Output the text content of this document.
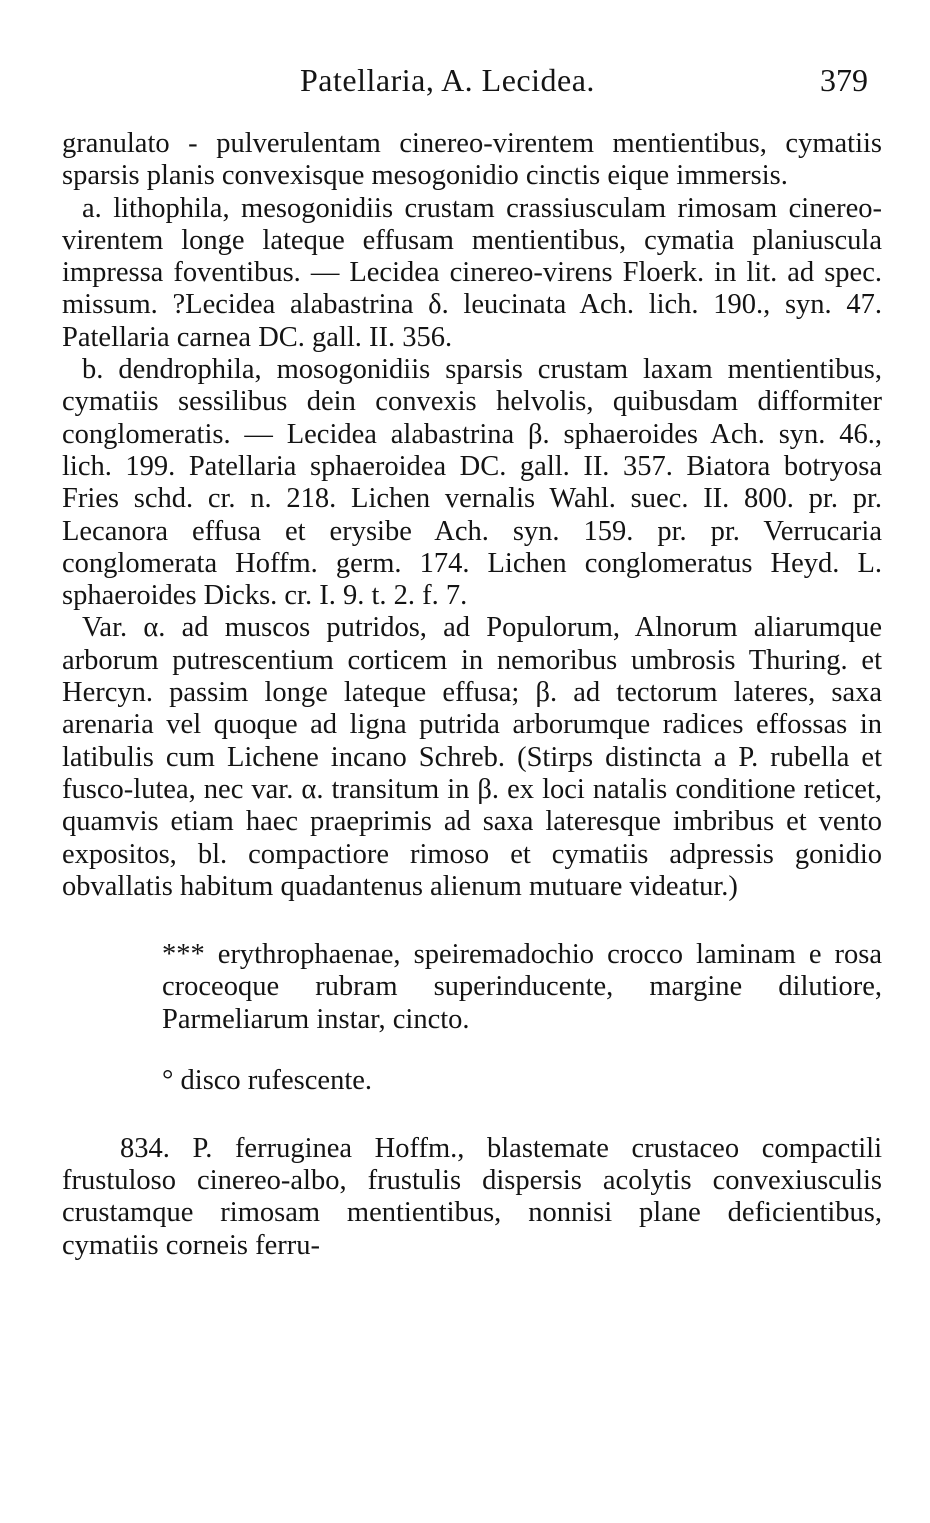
Patellaria, A. Lecidea.	379

granulato - pulverulentam cinereo-virentem mentientibus, cymatiis sparsis planis convexisque mesogonidio cinctis eique immersis.

a. lithophila, mesogonidiis crustam crassiusculam rimosam cinereo-virentem longe lateque effusam mentientibus, cymatia planiuscula impressa foventibus. — Lecidea cinereo-virens Floerk. in lit. ad spec. missum. ?Lecidea alabastrina δ. leucinata Ach. lich. 190., syn. 47. Patellaria carnea DC. gall. II. 356.

b. dendrophila, mosogonidiis sparsis crustam laxam mentientibus, cymatiis sessilibus dein convexis helvolis, quibusdam difformiter conglomeratis. — Lecidea alabastrina β. sphaeroides Ach. syn. 46., lich. 199. Patellaria sphaeroidea DC. gall. II. 357. Biatora botryosa Fries schd. cr. n. 218. Lichen vernalis Wahl. suec. II. 800. pr. pr. Lecanora effusa et erysibe Ach. syn. 159. pr. pr. Verrucaria conglomerata Hoffm. germ. 174. Lichen conglomeratus Heyd. L. sphaeroides Dicks. cr. I. 9. t. 2. f. 7.

Var. α. ad muscos putridos, ad Populorum, Alnorum aliarumque arborum putrescentium corticem in nemoribus umbrosis Thuring. et Hercyn. passim longe lateque effusa; β. ad tectorum lateres, saxa arenaria vel quoque ad ligna putrida arborumque radices effossas in latibulis cum Lichene incano Schreb. (Stirps distincta a P. rubella et fusco-lutea, nec var. α. transitum in β. ex loci natalis conditione reticet, quamvis etiam haec praeprimis ad saxa lateresque imbribus et vento expositos, bl. compactiore rimoso et cymatiis adpressis gonidio obvallatis habitum quadantenus alienum mutuare videatur.)

*** erythrophaenae, speiremadochio crocco laminam e rosa croceoque rubram superinducente, margine dilutiore, Parmeliarum instar, cincto.

° disco rufescente.

834. P. ferruginea Hoffm., blastemate crustaceo compactili frustuloso cinereo-albo, frustulis dispersis acolytis convexiusculis crustamque rimosam mentientibus, nonnisi plane deficientibus, cymatiis corneis ferru-
